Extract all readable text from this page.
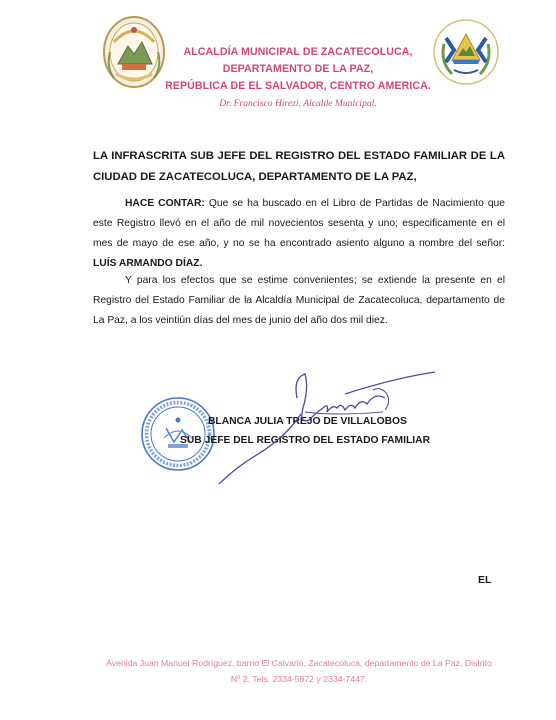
ALCALDÍA MUNICIPAL DE ZACATECOLUCA,
DEPARTAMENTO DE LA PAZ,
REPÚBLICA DE EL SALVADOR, CENTRO AMERICA.
Dr. Francisco Hirezi, Alcalde Municipal.
LA INFRASCRITA SUB JEFE DEL REGISTRO DEL ESTADO FAMILIAR DE LA CIUDAD DE ZACATECOLUCA, DEPARTAMENTO DE LA PAZ,
HACE CONTAR: Que se ha buscado en el Libro de Partidas de Nacimiento que este Registro llevó en el año de mil novecientos sesenta y uno; especificamente en el mes de mayo de ese año, y no se ha encontrado asiento alguno a nombre del señor: LUÍS ARMANDO DÍAZ.
Y para los efectos que se estime convenientes; se extiende la presente en el Registro del Estado Familiar de la Alcaldía Municipal de Zacatecoluca, departamento de La Paz, a los veintiún días del mes de junio del año dos mil diez.
BLANCA JULIA TREJO DE VILLALOBOS
SUB JEFE DEL REGISTRO DEL ESTADO FAMILIAR
EL
Avenida Juan Manuel Rodríguez, barrio El Calvario, Zacatecoluca, departamento de La Paz, Distrito
Nº 2. Tels. 2334-5872 y 2334-7447.
